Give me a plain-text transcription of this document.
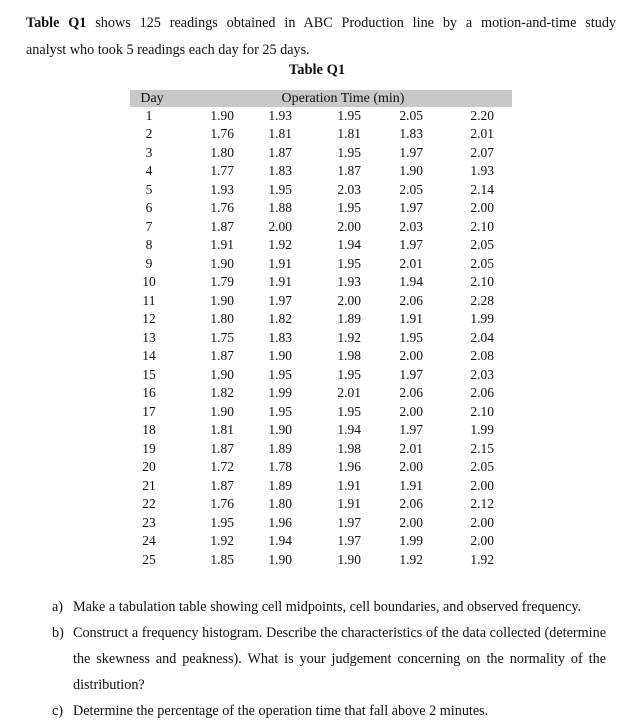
Table Q1 shows 125 readings obtained in ABC Production line by a motion-and-time study
analyst who took 5 readings each day for 25 days.
Table Q1
Day	Operation Time (min)				
1	1.90	1.93	1.95	2.05	2.20
2	1.76	1.81	1.81	1.83	2.01
3	1.80	1.87	1.95	1.97	2.07
4	1.77	1.83	1.87	1.90	1.93
5	1.93	1.95	2.03	2.05	2.14
6	1.76	1.88	1.95	1.97	2.00
7	1.87	2.00	2.00	2.03	2.10
8	1.91	1.92	1.94	1.97	2.05
9	1.90	1.91	1.95	2.01	2.05
10	1.79	1.91	1.93	1.94	2.10
11	1.90	1.97	2.00	2.06	2.28
12	1.80	1.82	1.89	1.91	1.99
13	1.75	1.83	1.92	1.95	2.04
14	1.87	1.90	1.98	2.00	2.08
15	1.90	1.95	1.95	1.97	2.03
16	1.82	1.99	2.01	2.06	2.06
17	1.90	1.95	1.95	2.00	2.10
18	1.81	1.90	1.94	1.97	1.99
19	1.87	1.89	1.98	2.01	2.15
20	1.72	1.78	1.96	2.00	2.05
21	1.87	1.89	1.91	1.91	2.00
22	1.76	1.80	1.91	2.06	2.12
23	1.95	1.96	1.97	2.00	2.00
24	1.92	1.94	1.97	1.99	2.00
25	1.85	1.90	1.90	1.92	1.92
a) Make a tabulation table showing cell midpoints, cell boundaries, and observed frequency.
b) Construct a frequency histogram. Describe the characteristics of the data collected (determine the skewness and peakness). What is your judgement concerning on the normality of the distribution?
c) Determine the percentage of the operation time that fall above 2 minutes.
